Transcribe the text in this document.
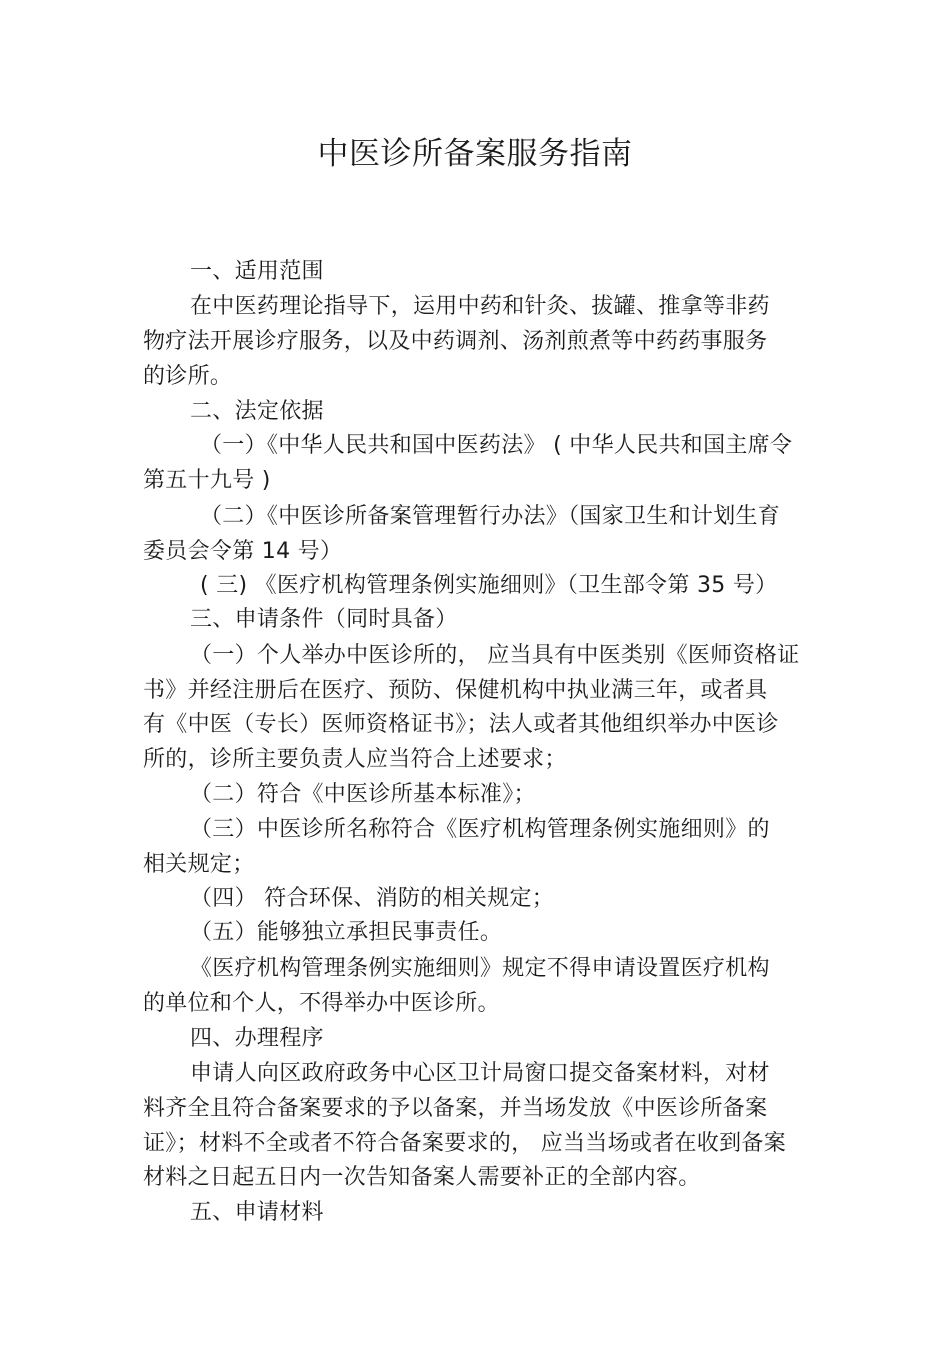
中医诊所备案服务指南
一、适用范围
在中医药理论指导下，运用中药和针灸、拔罐、推拿等非药
物疗法开展诊疗服务，以及中药调剂、汤剂煎煮等中药药事服务
的诊所。
二、法定依据
（一）《中华人民共和国中医药法》 ( 中华人民共和国主席令
第五十九号 )
（二）《中医诊所备案管理暂行办法》（国家卫生和计划生育
委员会令第 14 号）
( 三) 《医疗机构管理条例实施细则》（卫生部令第 35 号）
三、申请条件（同时具备）
（一）个人举办中医诊所的， 应当具有中医类别《医师资格证
书》并经注册后在医疗、预防、保健机构中执业满三年，或者具
有《中医（专长）医师资格证书》；法人或者其他组织举办中医诊
所的，诊所主要负责人应当符合上述要求；
（二）符合《中医诊所基本标准》；
（三）中医诊所名称符合《医疗机构管理条例实施细则》的
相关规定；
（四） 符合环保、消防的相关规定；
（五）能够独立承担民事责任。
《医疗机构管理条例实施细则》规定不得申请设置医疗机构
的单位和个人，不得举办中医诊所。
四、办理程序
申请人向区政府政务中心区卫计局窗口提交备案材料，对材
料齐全且符合备案要求的予以备案，并当场发放《中医诊所备案
证》；材料不全或者不符合备案要求的， 应当当场或者在收到备案
材料之日起五日内一次告知备案人需要补正的全部内容。
五、申请材料
